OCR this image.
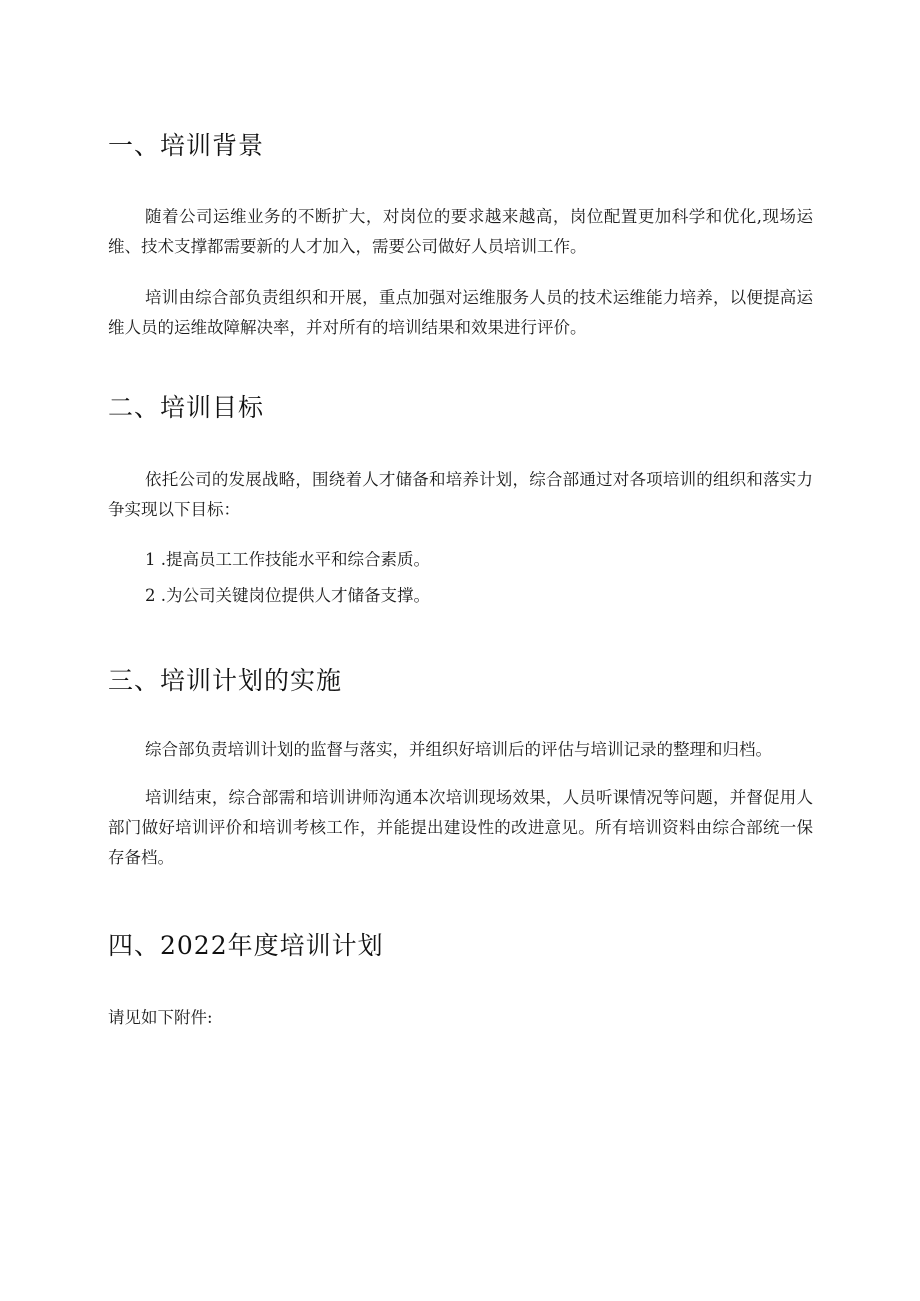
一、培训背景
随着公司运维业务的不断扩大，对岗位的要求越来越高，岗位配置更加科学和优化,现场运维、技术支撑都需要新的人才加入，需要公司做好人员培训工作。
培训由综合部负责组织和开展，重点加强对运维服务人员的技术运维能力培养，以便提高运维人员的运维故障解决率，并对所有的培训结果和效果进行评价。
二、培训目标
依托公司的发展战略，围绕着人才储备和培养计划，综合部通过对各项培训的组织和落实力争实现以下目标：
1 .提高员工工作技能水平和综合素质。
2 .为公司关键岗位提供人才储备支撑。
三、培训计划的实施
综合部负责培训计划的监督与落实，并组织好培训后的评估与培训记录的整理和归档。
培训结束，综合部需和培训讲师沟通本次培训现场效果，人员听课情况等问题，并督促用人部门做好培训评价和培训考核工作，并能提出建设性的改进意见。所有培训资料由综合部统一保存备档。
四、2022年度培训计划
请见如下附件:
